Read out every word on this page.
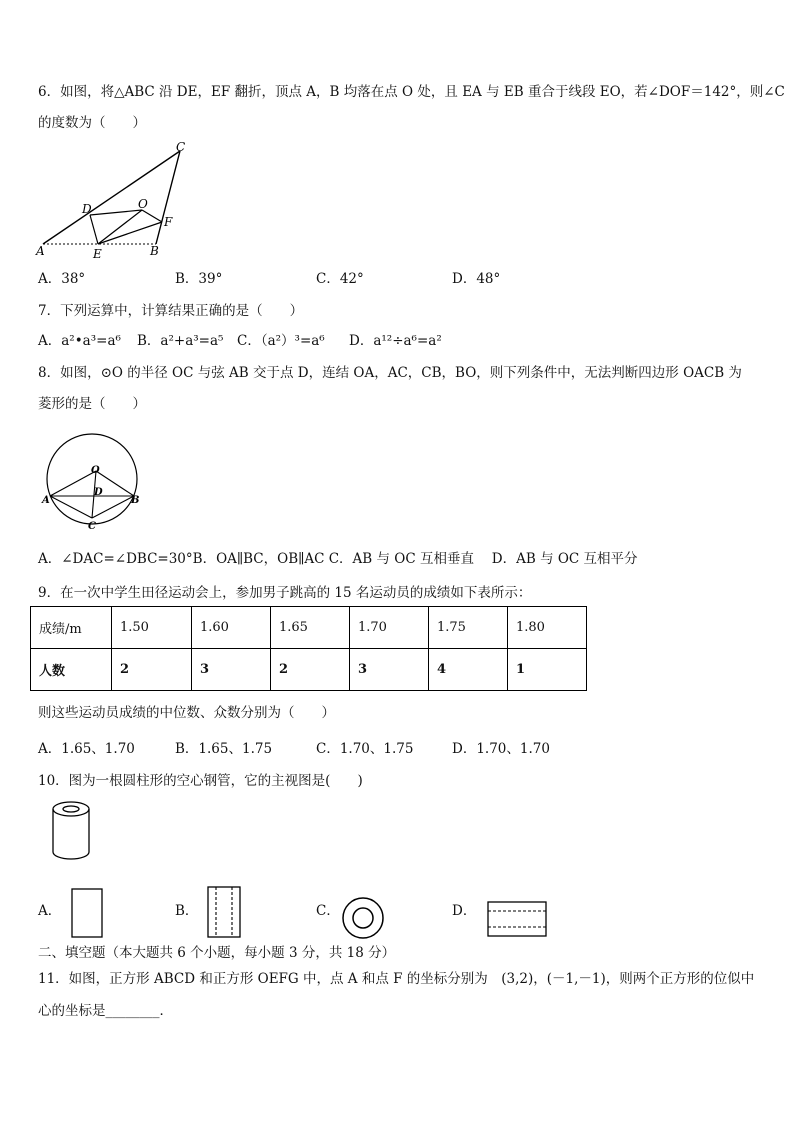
6．如图，将△ABC 沿 DE，EF 翻折，顶点 A，B 均落在点 O 处，且 EA 与 EB 重合于线段 EO，若∠DOF＝142°，则∠C
的度数为（　　）
C
D	O
F
A	E	B
A．38°	B．39°	C．42°	D．48°
7．下列运算中，计算结果正确的是（　　）
A．a²•a³=a⁶ B．a²+a³=a⁵ C．（a²）³=a⁶ D．a¹²÷a⁶=a²
8．如图，⊙O 的半径 OC 与弦 AB 交于点 D，连结 OA，AC，CB，BO，则下列条件中，无法判断四边形 OACB 为
菱形的是（　　）
O
D
A	B
C
A．∠DAC=∠DBC=30°B．OA∥BC，OB∥AC C．AB 与 OC 互相垂直　 D．AB 与 OC 互相平分
9．在一次中学生田径运动会上，参加男子跳高的 15 名运动员的成绩如下表所示：
成绩/m	1.50	1.60	1.65	1.70	1.75	1.80
人数	2	3	2	3	4	1
则这些运动员成绩的中位数、众数分别为（　　）
A．1.65、1.70	B．1.65、1.75	C．1.70、1.75	D．1.70、1.70
10．图为一根圆柱形的空心钢管，它的主视图是(　　)
A．	B．	C．	D．
二、填空题（本大题共 6 个小题，每小题 3 分，共 18 分）
11．如图，正方形 ABCD 和正方形 OEFG 中，点 A 和点 F 的坐标分别为　(3,2)，(－1,－1)，则两个正方形的位似中
心的坐标是________．
